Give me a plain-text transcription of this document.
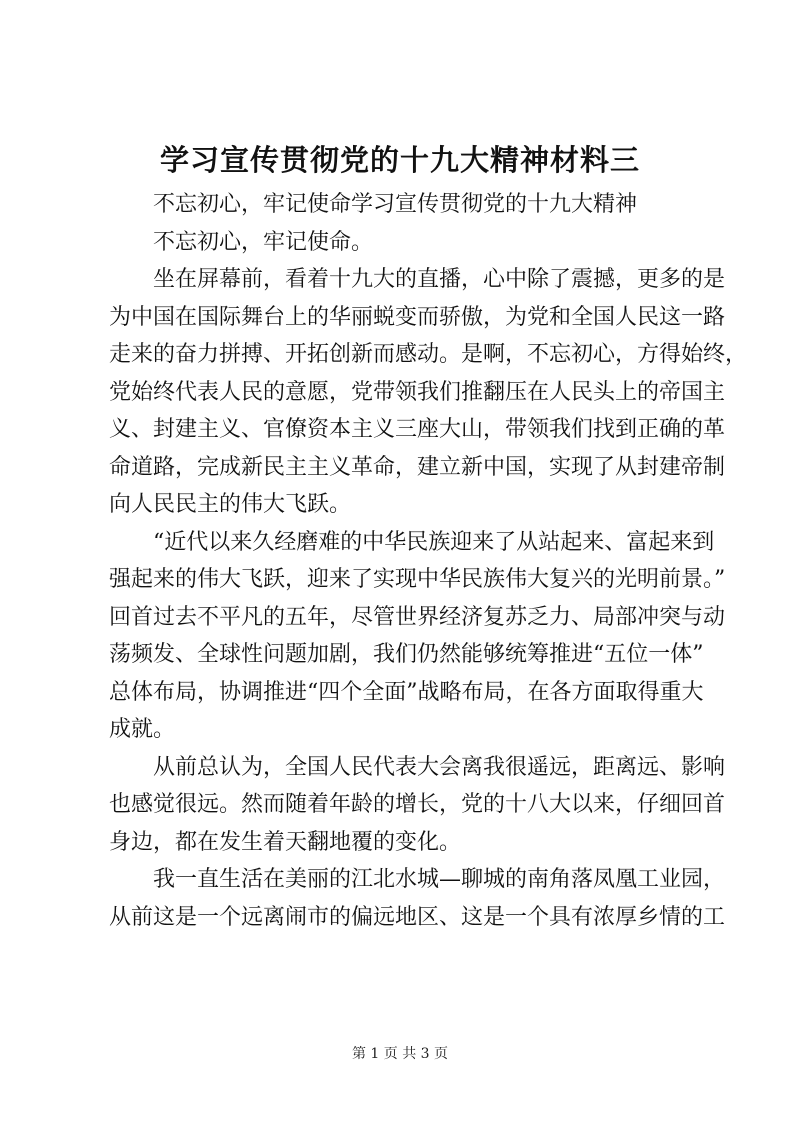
学习宣传贯彻党的十九大精神材料三
不忘初心，牢记使命学习宣传贯彻党的十九大精神
不忘初心，牢记使命。
坐在屏幕前，看着十九大的直播，心中除了震撼，更多的是
为中国在国际舞台上的华丽蜕变而骄傲，为党和全国人民这一路
走来的奋力拼搏、开拓创新而感动。是啊，不忘初心，方得始终，
党始终代表人民的意愿，党带领我们推翻压在人民头上的帝国主
义、封建主义、官僚资本主义三座大山，带领我们找到正确的革
命道路，完成新民主主义革命，建立新中国，实现了从封建帝制
向人民民主的伟大飞跃。
“近代以来久经磨难的中华民族迎来了从站起来、富起来到
强起来的伟大飞跃，迎来了实现中华民族伟大复兴的光明前景。”
回首过去不平凡的五年，尽管世界经济复苏乏力、局部冲突与动
荡频发、全球性问题加剧，我们仍然能够统筹推进“五位一体”
总体布局，协调推进“四个全面”战略布局，在各方面取得重大
成就。
从前总认为，全国人民代表大会离我很遥远，距离远、影响
也感觉很远。然而随着年龄的增长，党的十八大以来，仔细回首
身边，都在发生着天翻地覆的变化。
我一直生活在美丽的江北水城—聊城的南角落凤凰工业园，
从前这是一个远离闹市的偏远地区、这是一个具有浓厚乡情的工
第 1 页 共 3 页
